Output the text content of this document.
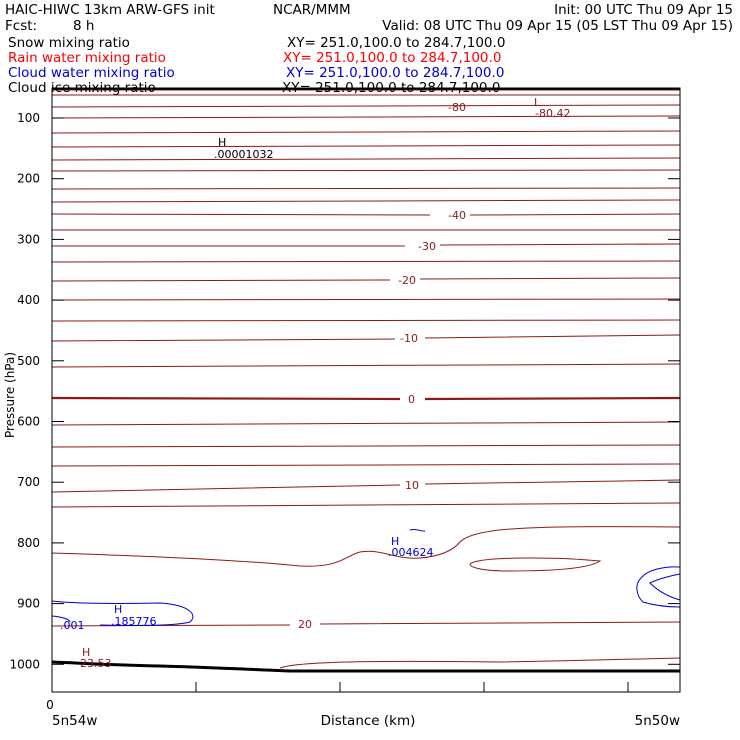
HAIC-HIWC 13km ARW-GFS init	NCAR/MMM	Init: 00 UTC Thu 09 Apr 15
Fcst:	8 h	Valid: 08 UTC Thu 09 Apr 15 (05 LST Thu 09 Apr 15)
Snow mixing ratio	XY= 251.0,100.0 to 284.7,100.0
Rain water mixing ratio	XY= 251.0,100.0 to 284.7,100.0
Cloud water mixing ratio	XY= 251.0,100.0 to 284.7,100.0
Cloud ice mixing ratio	XY= 251.0,100.0 to 284.7,100.0
-80
-40
-30
-20
-10
0
10
20
L
-80.42
H
.00001032
H
.004624
H
.185776
.001
H
23.53
100
200
300
400
500
600
700
800
900
1000
0
5n54w	5n50w
Distance (km)
Pressure (hPa)
